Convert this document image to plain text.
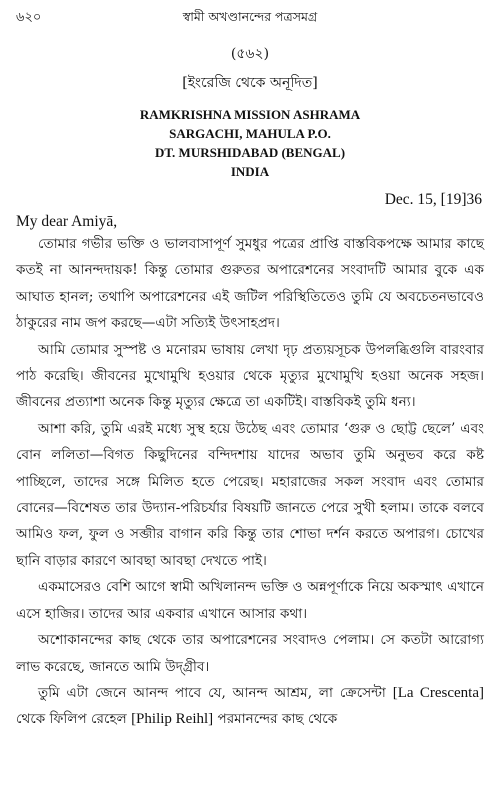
৬২০	স্বামী অখণ্ডানন্দের পত্রসমগ্র
(৫৬২)
[ইংরেজি থেকে অনূদিত]
RAMKRISHNA MISSION ASHRAMA
SARGACHI, MAHULA P.O.
DT. MURSHIDABAD (BENGAL)
INDIA
Dec. 15, [19]36
My dear Amiyā,

তোমার গভীর ভক্তি ও ভালবাসাপূর্ণ সুমধুর পত্রের প্রাপ্তি বাস্তবিকপক্ষে আমার কাছে কতই না আনন্দদায়ক! কিন্তু তোমার গুরুতর অপারেশনের সংবাদটি আমার বুকে এক আঘাত হানল; তথাপি অপারেশনের এই জটিল পরিস্থিতিতেও তুমি যে অবচেতনভাবেও ঠাকুরের নাম জপ করছে—এটা সত্যিই উৎসাহপ্রদ।

আমি তোমার সুস্পষ্ট ও মনোরম ভাষায় লেখা দৃঢ় প্রত্যয়সূচক উপলব্ধিগুলি বারংবার পাঠ করেছি। জীবনের মুখোমুখি হওয়ার থেকে মৃত্যুর মুখোমুখি হওয়া অনেক সহজ। জীবনের প্রত্যাশা অনেক কিন্তু মৃত্যুর ক্ষেত্রে তা একটিই। বাস্তবিকই তুমি ধন্য।

আশা করি, তুমি এরই মধ্যে সুস্থ হয়ে উঠেছ এবং তোমার ‘গুরু ও ছোট্ট ছেলে’ এবং বোন ললিতা—বিগত কিছুদিনের বন্দিদশায় যাদের অভাব তুমি অনুভব করে কষ্ট পাচ্ছিলে, তাদের সঙ্গে মিলিত হতে পেরেছ। মহারাজের সকল সংবাদ এবং তোমার বোনের—বিশেষত তার উদ্যান-পরিচর্যার বিষয়টি জানতে পেরে সুখী হলাম। তাকে বলবে আমিও ফল, ফুল ও সব্জীর বাগান করি কিন্তু তার শোভা দর্শন করতে অপারগ। চোখের ছানি বাড়ার কারণে আবছা আবছা দেখতে পাই।

একমাসেরও বেশি আগে স্বামী অখিলানন্দ ভক্তি ও অন্নপূর্ণাকে নিয়ে অকস্মাৎ এখানে এসে হাজির। তাদের আর একবার এখানে আসার কথা।

অশোকানন্দের কাছ থেকে তার অপারেশনের সংবাদও পেলাম। সে কতটা আরোগ্য লাভ করেছে, জানতে আমি উদ্গ্রীব।

তুমি এটা জেনে আনন্দ পাবে যে, আনন্দ আশ্রম, লা ক্রেসেন্টা [La Crescenta] থেকে ফিলিপ রেহেল [Philip Reihl] পরমানন্দের কাছ থেকে
